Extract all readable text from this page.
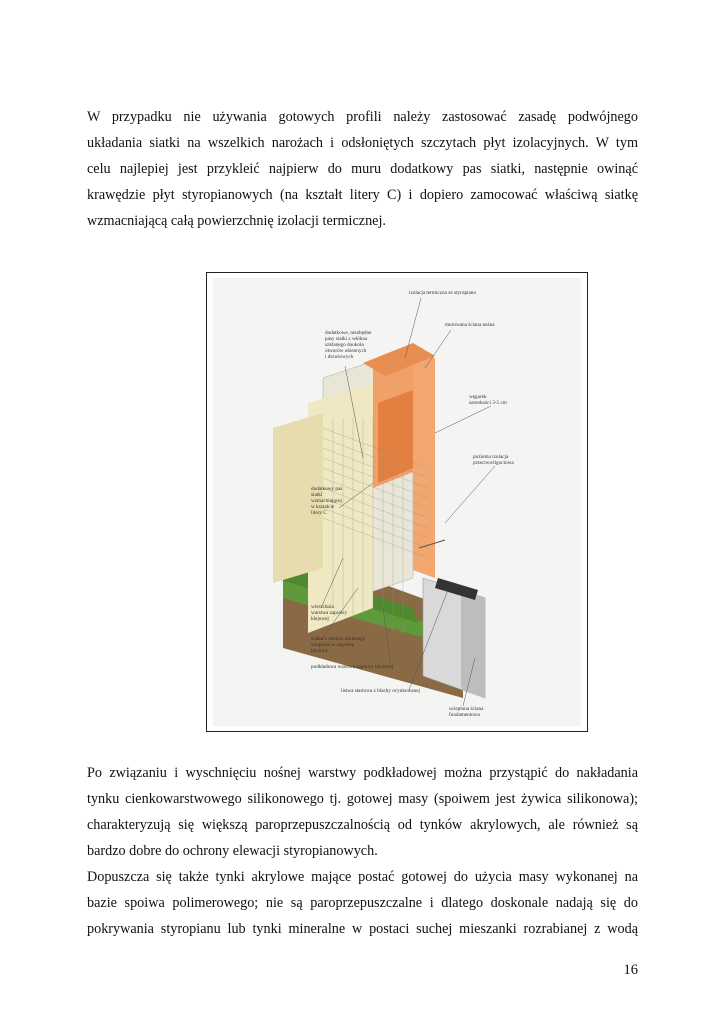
W przypadku nie używania gotowych profili należy zastosować zasadę podwójnego
układania siatki na wszelkich narożach i odsłoniętych szczytach płyt izolacyjnych. W tym
celu najlepiej jest przykleić najpierw do muru dodatkowy pas siatki, następnie owinąć
krawędzie płyt styropianowych (na kształt litery C) i dopiero zamocować właściwą siatkę
wzmacniającą całą powierzchnię izolacji termicznej.
izolacja termiczna ze styropianu
murowana ściana nośna
dodatkowe, niezbędne pasy siatki z włókna szklanego dookoła otworów okiennych i drzwiowych
węgarek szerokości 3-5 cm
pozioma izolacja przeciwwilgociowa
dodatkowy pas siatki wzmacniającej w kształcie litery C
wierzchnia warstwa zaprawy klejowej
siatka z włókna szklanego wtopiona w zaprawę klejową
podkładowa warstwa zaprawy klejowej
listwa startowa z blachy ocynkowanej
ocieplona ściana fundamentowa
Po związaniu i wyschnięciu nośnej warstwy podkładowej można przystąpić do nakładania
tynku cienkowarstwowego silikonowego tj. gotowej masy (spoiwem jest żywica silikonowa);
charakteryzują się większą paroprzepuszczalnością od tynków akrylowych, ale również są
bardzo dobre do ochrony elewacji styropianowych.
Dopuszcza się także tynki akrylowe mające postać gotowej do użycia masy wykonanej na
bazie spoiwa polimerowego; nie są paroprzepuszczalne i dlatego doskonale nadają się do
pokrywania styropianu lub tynki mineralne w postaci suchej mieszanki rozrabianej z wodą
16
